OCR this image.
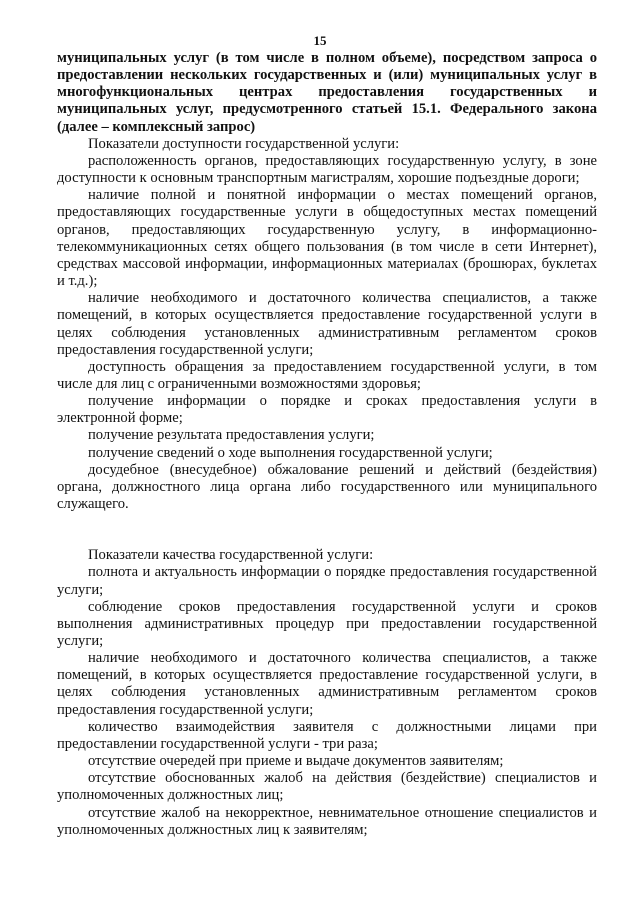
15

муниципальных услуг (в том числе в полном объеме), посредством запроса о предоставлении нескольких государственных и (или) муниципальных услуг в многофункциональных центрах предоставления государственных и муниципальных услуг, предусмотренного статьей 15.1. Федерального закона (далее – комплексный запрос)

Показатели доступности государственной услуги:

расположенность органов, предоставляющих государственную услугу, в зоне доступности к основным транспортным магистралям, хорошие подъездные дороги;

наличие полной и понятной информации о местах помещений органов, предоставляющих государственные услуги в общедоступных местах помещений органов, предоставляющих государственную услугу, в информационно-телекоммуникационных сетях общего пользования (в том числе в сети Интернет), средствах массовой информации, информационных материалах (брошюрах, буклетах и т.д.);

наличие необходимого и достаточного количества специалистов, а также помещений, в которых осуществляется предоставление государственной услуги в целях соблюдения установленных административным регламентом сроков предоставления государственной услуги;

доступность обращения за предоставлением государственной услуги, в том числе для лиц с ограниченными возможностями здоровья;

получение информации о порядке и сроках предоставления услуги в электронной форме;

получение результата предоставления услуги;

получение сведений о ходе выполнения государственной услуги;

досудебное (внесудебное) обжалование решений и действий (бездействия) органа, должностного лица органа либо государственного или муниципального служащего.

Показатели качества государственной услуги:

полнота и актуальность информации о порядке предоставления государственной услуги;

соблюдение сроков предоставления государственной услуги и сроков выполнения административных процедур при предоставлении государственной услуги;

наличие необходимого и достаточного количества специалистов, а также помещений, в которых осуществляется предоставление государственной услуги, в целях соблюдения установленных административным регламентом сроков предоставления государственной услуги;

количество взаимодействия заявителя с должностными лицами при предоставлении государственной услуги - три раза;

отсутствие очередей при приеме и выдаче документов заявителям;

отсутствие обоснованных жалоб на действия (бездействие) специалистов и уполномоченных должностных лиц;

отсутствие жалоб на некорректное, невнимательное отношение специалистов и уполномоченных должностных лиц к заявителям;
